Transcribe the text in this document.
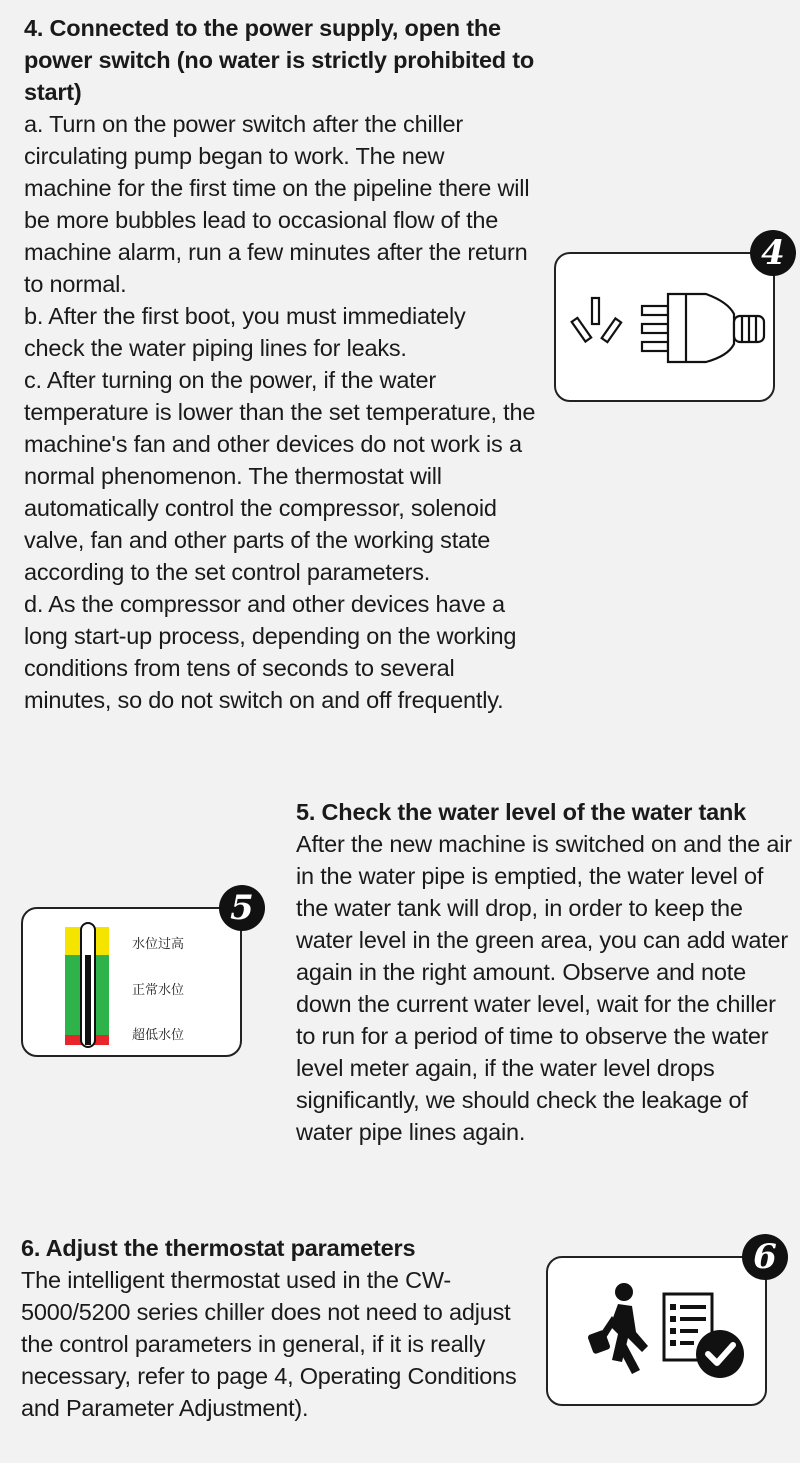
4. Connected to the power supply, open the power switch (no water is strictly prohibited to start)
a. Turn on the power switch after the chiller circulating pump began to work. The new machine for the first time on the pipeline there will be more bubbles lead to occasional flow of the machine alarm, run a few minutes after the return to normal.
b. After the first boot, you must immediately check the water piping lines for leaks.
c. After turning on the power, if the water temperature is lower than the set temperature, the machine's fan and other devices do not work is a normal phenomenon. The thermostat will automatically control the compressor, solenoid valve, fan and other parts of the working state according to the set control parameters.
d. As the compressor and other devices have a long start-up process, depending on the working conditions from tens of seconds to several minutes, so do not switch on and off frequently.
4
水位过高
正常水位
超低水位
5
5. Check the water level of the water tank
After the new machine is switched on and the air in the water pipe is emptied, the water level of the water tank will drop, in order to keep the water level in the green area, you can add water again in the right amount. Observe and note down the current water level, wait for the chiller to run for a period of time to observe the water level meter again, if the water level drops significantly, we should check the leakage of water pipe lines again.
6. Adjust the thermostat parameters
The intelligent thermostat used in the CW-5000/5200 series chiller does not need to adjust the control parameters in general, if it is really necessary, refer to page 4, Operating Conditions and Parameter Adjustment).
6
